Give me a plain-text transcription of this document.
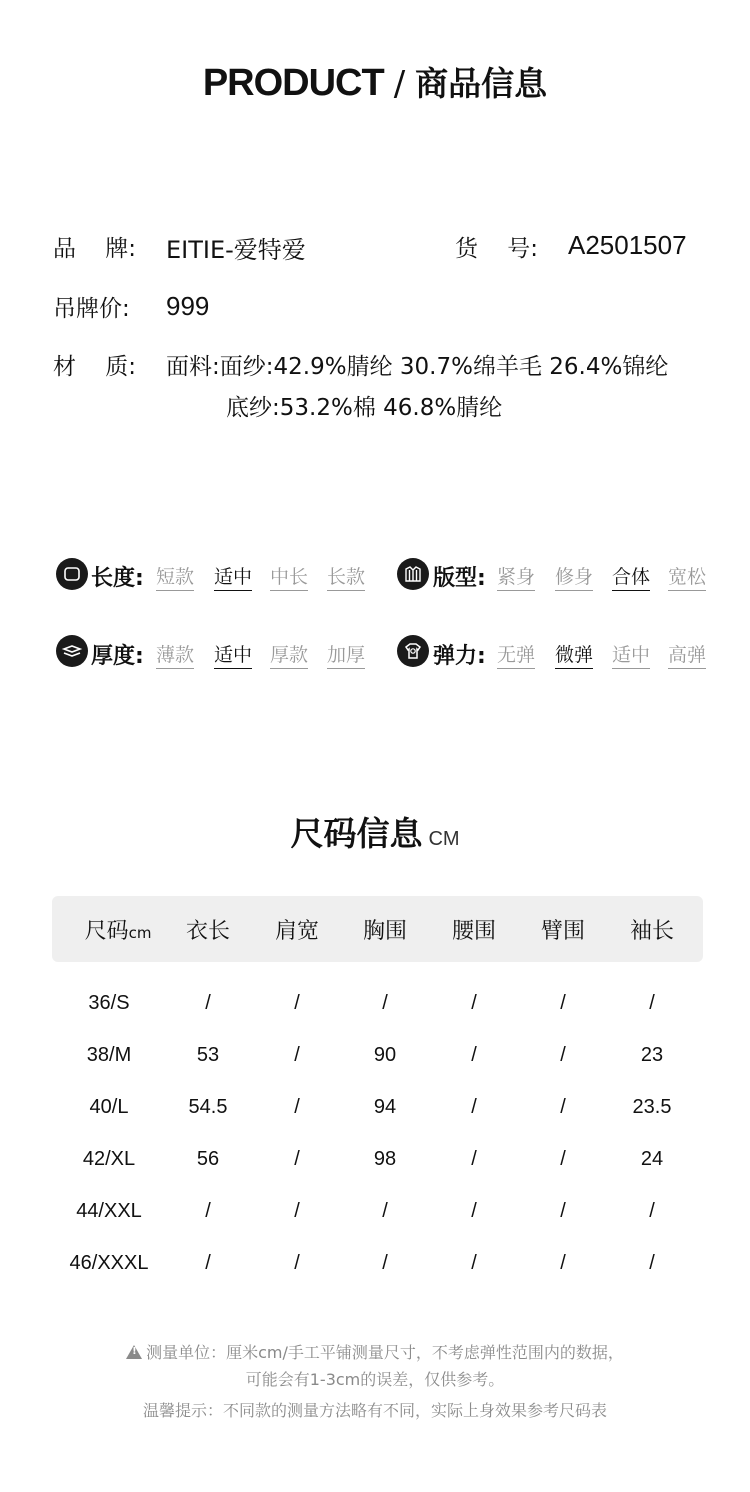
PRODUCT / 商品信息
品    牌: EITIE-爱特爱	货    号: A2501507
吊牌价: 999
材    质: 面料:面纱:42.9%腈纶 30.7%绵羊毛 26.4%锦纶
底纱:53.2%棉 46.8%腈纶
长度: 短款 适中 中长 长款	版型: 紧身 修身 合体 宽松
厚度: 薄款 适中 厚款 加厚	弹力: 无弹 微弹 适中 高弹
尺码信息 CM
尺码cm	衣长	肩宽	胸围	腰围	臂围	袖长
36/S	/	/	/	/	/	/
38/M	53	/	90	/	/	23
40/L	54.5	/	94	/	/	23.5
42/XL	56	/	98	/	/	24
44/XXL	/	/	/	/	/	/
46/XXXL	/	/	/	/	/	/
!测量单位：厘米cm/手工平铺测量尺寸，不考虑弹性范围内的数据，
可能会有1-3cm的误差，仅供参考。
温馨提示：不同款的测量方法略有不同，实际上身效果参考尺码表
